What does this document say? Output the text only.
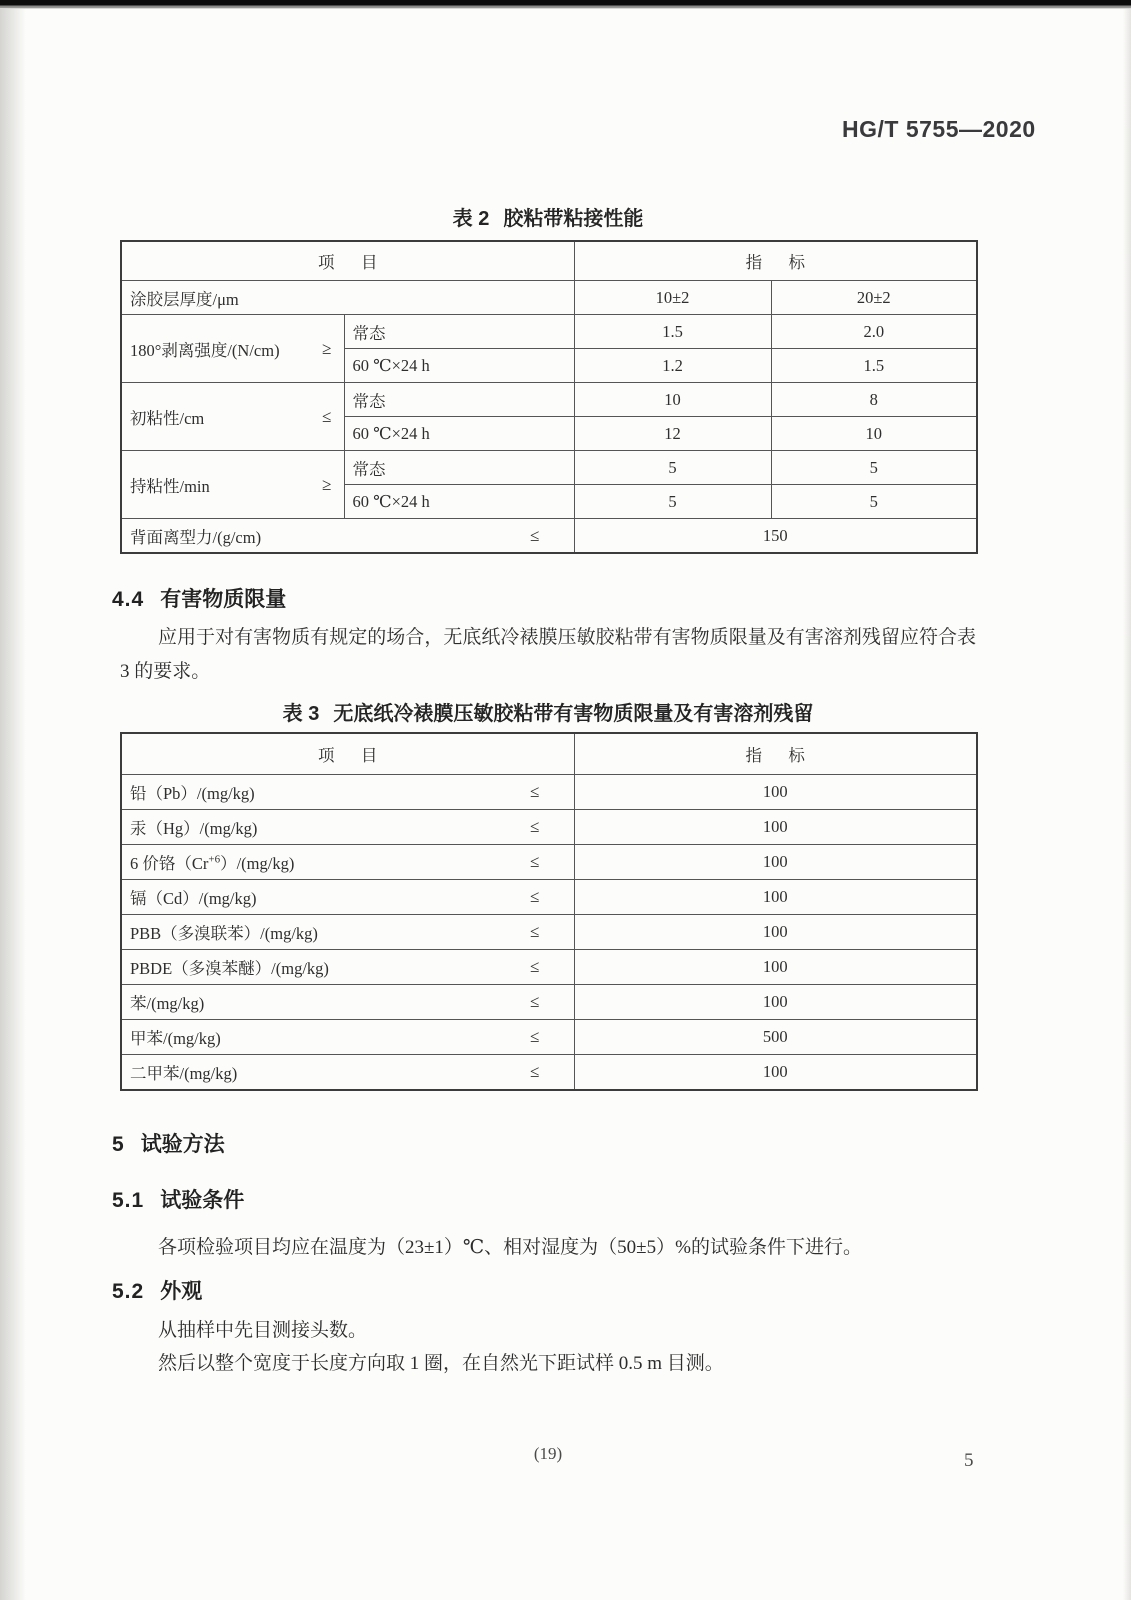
HG/T 5755—2020
表 2 胶粘带粘接性能
项目		指标	
涂胶层厚度/μm		10±2	20±2

180°剥离强度/(N/cm) ≥	常态	1.5	2.0
	60 ℃×24 h	1.2	1.5

初粘性/cm ≤	常态	10	8
	60 ℃×24 h	12	10

持粘性/min ≥	常态	5	5
	60 ℃×24 h	5	5

背面离型力/(g/cm) ≤		150	
4.4 有害物质限量
应用于对有害物质有规定的场合，无底纸冷裱膜压敏胶粘带有害物质限量及有害溶剂残留应符合表 3 的要求。
表 3 无底纸冷裱膜压敏胶粘带有害物质限量及有害溶剂残留
项目	指标

铅（Pb）/(mg/kg) ≤	100

汞（Hg）/(mg/kg) ≤	100

6 价铬$(Cr^{+6})/(mg/kg)$ ≤	100

镉（Cd）/(mg/kg) ≤	100

PBB（多溴联苯）/(mg/kg) ≤	100

PBDE（多溴苯醚）/(mg/kg) ≤	100

苯/(mg/kg) ≤	100

甲苯/(mg/kg) ≤	500

二甲苯/(mg/kg) ≤	100
5 试验方法
5.1 试验条件
各项检验项目均应在温度为（23±1）℃、相对湿度为（50±5）%的试验条件下进行。
5.2 外观
从抽样中先目测接头数。
然后以整个宽度于长度方向取 1 圈，在自然光下距试样 0.5 m 目测。
(19)	5
